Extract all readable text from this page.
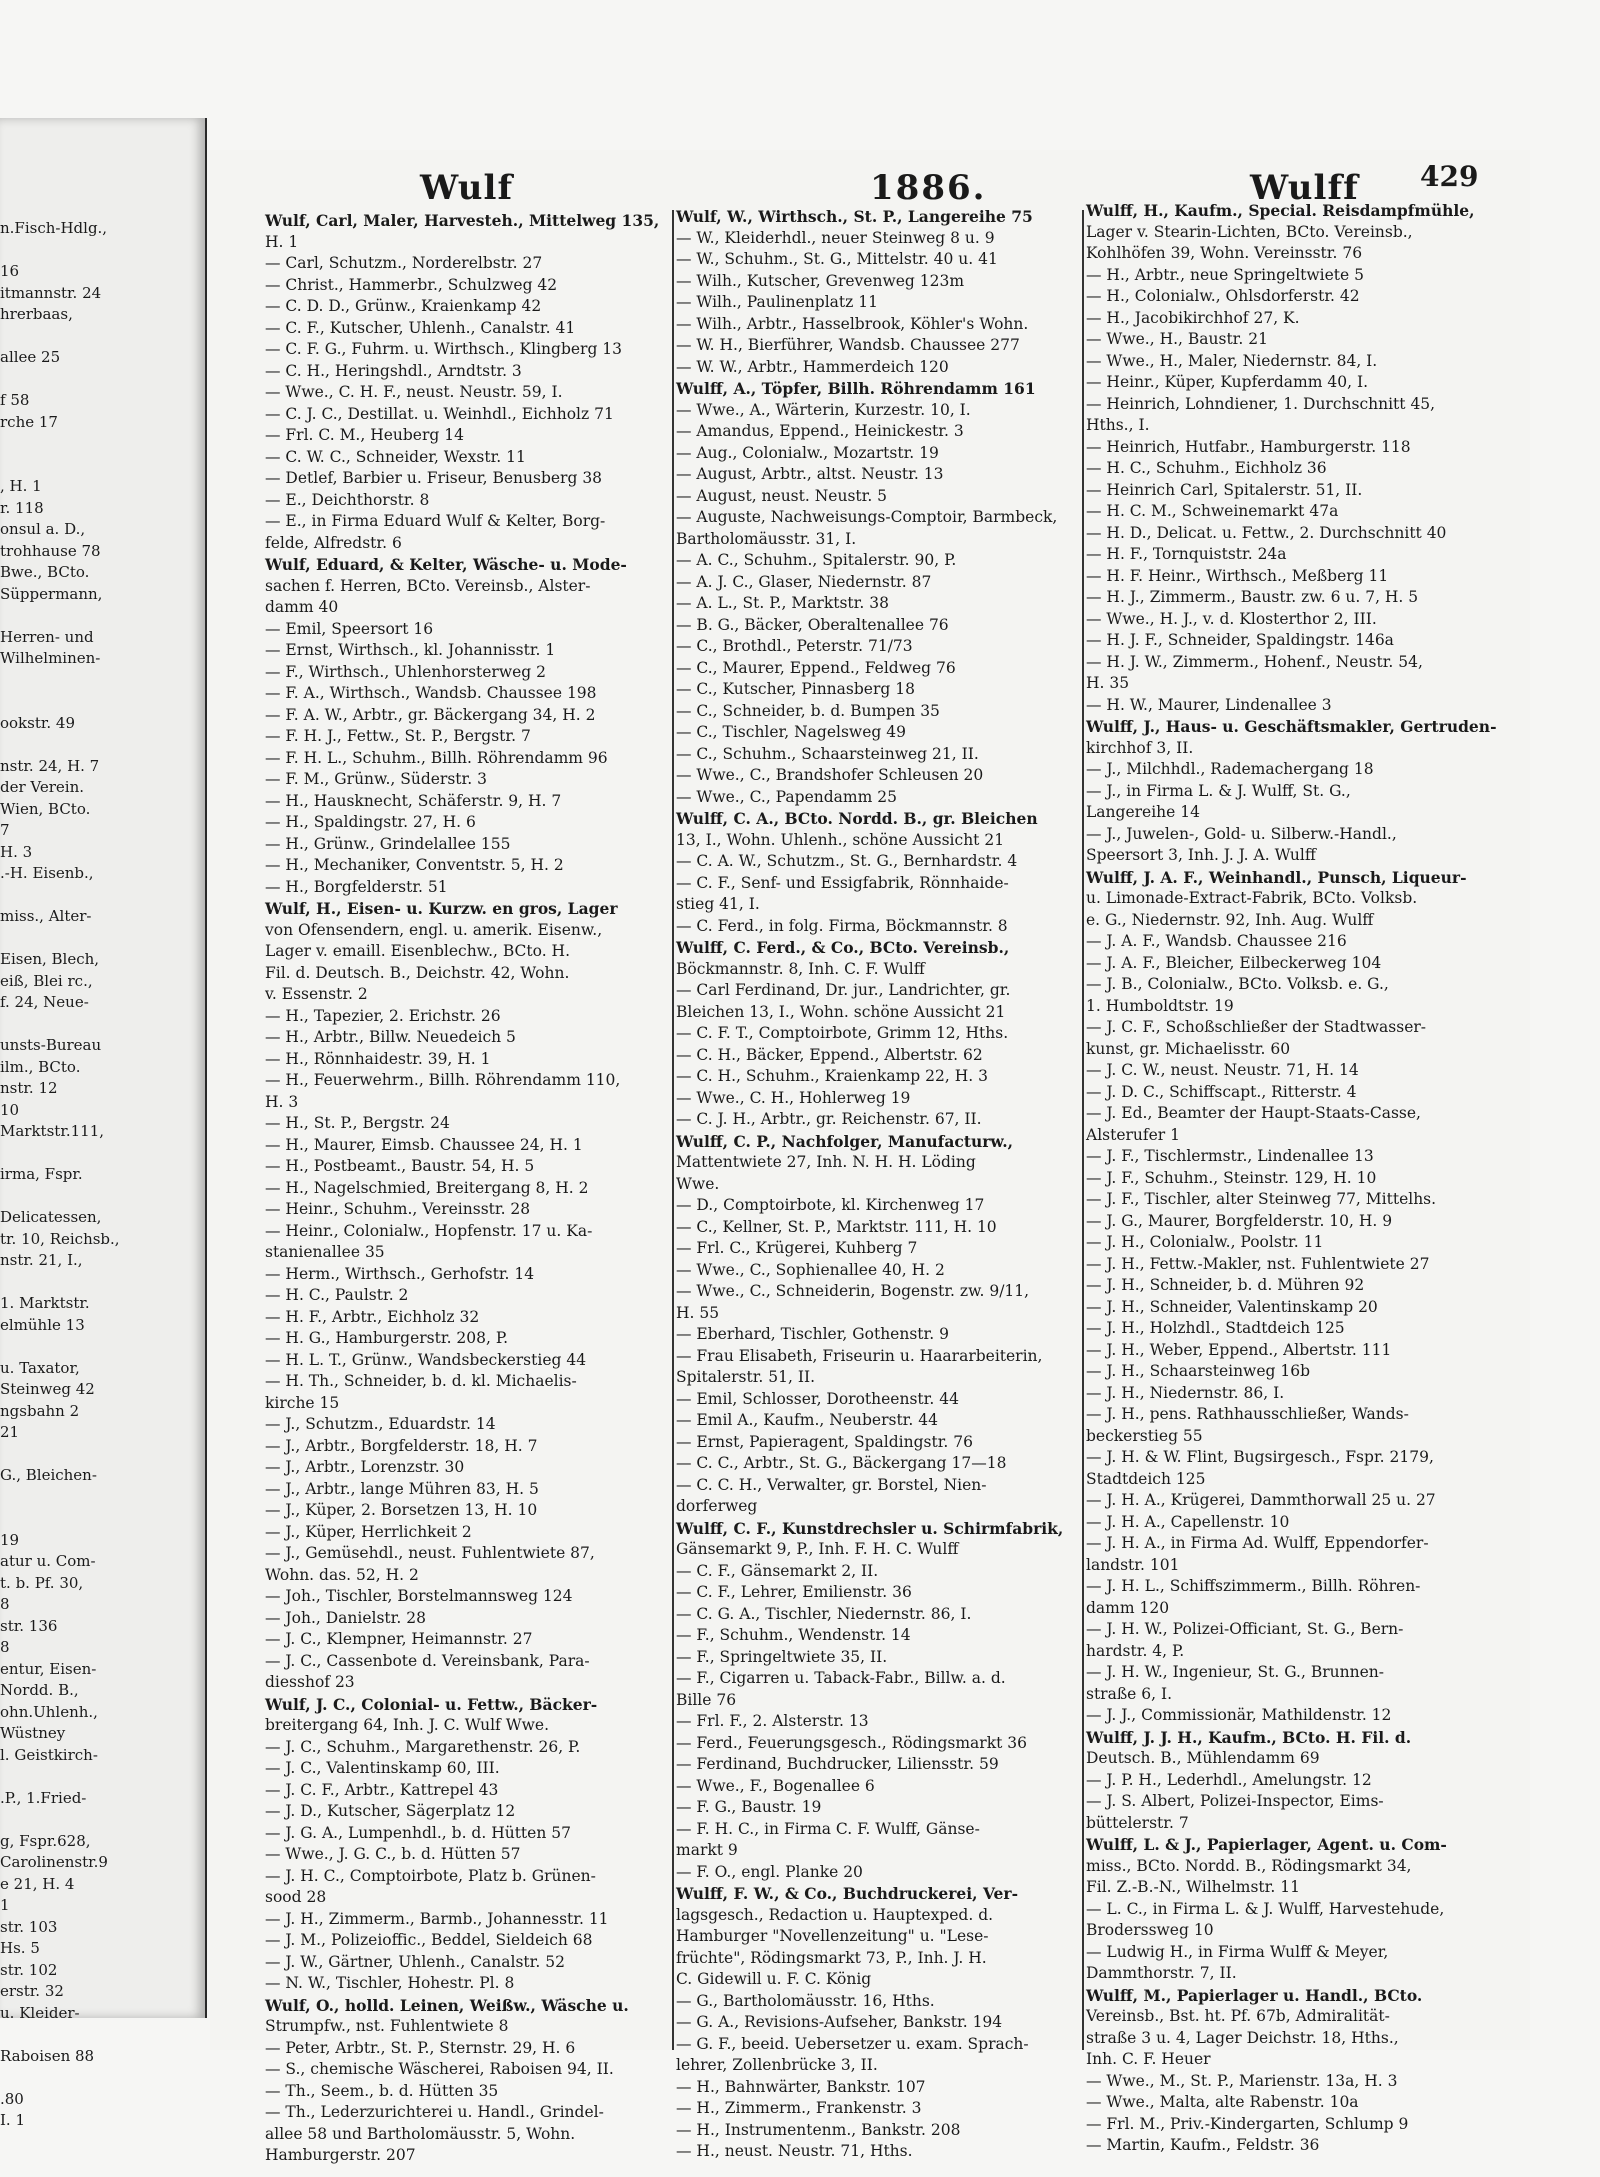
Wulf	1886.	Wulff 429

n.Fisch-Hdlg.,

16

itmannstr. 24

hrerbaas,

allee 25

f 58

rche 17

, H. 1

r. 118

onsul a. D.,

trohhause 78

Bwe., BCto.

Süppermann,

Herren- und

Wilhelminen-

ookstr. 49

nstr. 24, H. 7

der Verein.

Wien, BCto.

7

H. 3

.-H. Eisenb.,

miss., Alter-

Eisen, Blech,

eiß, Blei rc.,

f. 24, Neue-

unsts-Bureau

ilm., BCto.

nstr. 12

10

Marktstr.111,

irma, Fspr.

Delicatessen,

tr. 10, Reichsb.,

nstr. 21, I.,

1. Marktstr.

elmühle 13

u. Taxator,

Steinweg 42

ngsbahn 2

21

G., Bleichen-

19

atur u. Com-

t. b. Pf. 30,

8

str. 136

8

entur, Eisen-

Nordd. B.,

ohn.Uhlenh.,

Wüstney

l. Geistkirch-

.P., 1.Fried-

g, Fspr.628,

Carolinenstr.9

e 21, H. 4

1

str. 103

Hs. 5

str. 102

erstr. 32

u. Kleider-

Raboisen 88

.80

I. 1

Wulf, Carl, Maler, Harvesteh., Mittelweg 135,

H. 1

— Carl, Schutzm., Norderelbstr. 27

— Christ., Hammerbr., Schulzweg 42

— C. D. D., Grünw., Kraienkamp 42

— C. F., Kutscher, Uhlenh., Canalstr. 41

— C. F. G., Fuhrm. u. Wirthsch., Klingberg 13

— C. H., Heringshdl., Arndtstr. 3

— Wwe., C. H. F., neust. Neustr. 59, I.

— C. J. C., Destillat. u. Weinhdl., Eichholz 71

— Frl. C. M., Heuberg 14

— C. W. C., Schneider, Wexstr. 11

— Detlef, Barbier u. Friseur, Benusberg 38

— E., Deichthorstr. 8

— E., in Firma Eduard Wulf & Kelter, Borg-

felde, Alfredstr. 6

Wulf, Eduard, & Kelter, Wäsche- u. Mode-

sachen f. Herren, BCto. Vereinsb., Alster-

damm 40

— Emil, Speersort 16

— Ernst, Wirthsch., kl. Johannisstr. 1

— F., Wirthsch., Uhlenhorsterweg 2

— F. A., Wirthsch., Wandsb. Chaussee 198

— F. A. W., Arbtr., gr. Bäckergang 34, H. 2

— F. H. J., Fettw., St. P., Bergstr. 7

— F. H. L., Schuhm., Billh. Röhrendamm 96

— F. M., Grünw., Süderstr. 3

— H., Hausknecht, Schäferstr. 9, H. 7

— H., Spaldingstr. 27, H. 6

— H., Grünw., Grindelallee 155

— H., Mechaniker, Conventstr. 5, H. 2

— H., Borgfelderstr. 51

Wulf, H., Eisen- u. Kurzw. en gros, Lager

von Ofensendern, engl. u. amerik. Eisenw.,

Lager v. emaill. Eisenblechw., BCto. H.

Fil. d. Deutsch. B., Deichstr. 42, Wohn.

v. Essenstr. 2

— H., Tapezier, 2. Erichstr. 26

— H., Arbtr., Billw. Neuedeich 5

— H., Rönnhaidestr. 39, H. 1

— H., Feuerwehrm., Billh. Röhrendamm 110,

H. 3

— H., St. P., Bergstr. 24

— H., Maurer, Eimsb. Chaussee 24, H. 1

— H., Postbeamt., Baustr. 54, H. 5

— H., Nagelschmied, Breitergang 8, H. 2

— Heinr., Schuhm., Vereinsstr. 28

— Heinr., Colonialw., Hopfenstr. 17 u. Ka-

stanienallee 35

— Herm., Wirthsch., Gerhofstr. 14

— H. C., Paulstr. 2

— H. F., Arbtr., Eichholz 32

— H. G., Hamburgerstr. 208, P.

— H. L. T., Grünw., Wandsbeckerstieg 44

— H. Th., Schneider, b. d. kl. Michaelis-

kirche 15

— J., Schutzm., Eduardstr. 14

— J., Arbtr., Borgfelderstr. 18, H. 7

— J., Arbtr., Lorenzstr. 30

— J., Arbtr., lange Mühren 83, H. 5

— J., Küper, 2. Borsetzen 13, H. 10

— J., Küper, Herrlichkeit 2

— J., Gemüsehdl., neust. Fuhlentwiete 87,

Wohn. das. 52, H. 2

— Joh., Tischler, Borstelmannsweg 124

— Joh., Danielstr. 28

— J. C., Klempner, Heimannstr. 27

— J. C., Cassenbote d. Vereinsbank, Para-

diesshof 23

Wulf, J. C., Colonial- u. Fettw., Bäcker-

breitergang 64, Inh. J. C. Wulf Wwe.

— J. C., Schuhm., Margarethenstr. 26, P.

— J. C., Valentinskamp 60, III.

— J. C. F., Arbtr., Kattrepel 43

— J. D., Kutscher, Sägerplatz 12

— J. G. A., Lumpenhdl., b. d. Hütten 57

— Wwe., J. G. C., b. d. Hütten 57

— J. H. C., Comptoirbote, Platz b. Grünen-

sood 28

— J. H., Zimmerm., Barmb., Johannesstr. 11

— J. M., Polizeioffic., Beddel, Sieldeich 68

— J. W., Gärtner, Uhlenh., Canalstr. 52

— N. W., Tischler, Hohestr. Pl. 8

Wulf, O., holld. Leinen, Weißw., Wäsche u.

Strumpfw., nst. Fuhlentwiete 8

— Peter, Arbtr., St. P., Sternstr. 29, H. 6

— S., chemische Wäscherei, Raboisen 94, II.

— Th., Seem., b. d. Hütten 35

— Th., Lederzurichterei u. Handl., Grindel-

allee 58 und Bartholomäusstr. 5, Wohn.

Hamburgerstr. 207

Wulf, W., Wirthsch., St. P., Langereihe 75

— W., Kleiderhdl., neuer Steinweg 8 u. 9

— W., Schuhm., St. G., Mittelstr. 40 u. 41

— Wilh., Kutscher, Grevenweg 123m

— Wilh., Paulinenplatz 11

— Wilh., Arbtr., Hasselbrook, Köhler's Wohn.

— W. H., Bierführer, Wandsb. Chaussee 277

— W. W., Arbtr., Hammerdeich 120

Wulff, A., Töpfer, Billh. Röhrendamm 161

— Wwe., A., Wärterin, Kurzestr. 10, I.

— Amandus, Eppend., Heinickestr. 3

— Aug., Colonialw., Mozartstr. 19

— August, Arbtr., altst. Neustr. 13

— August, neust. Neustr. 5

— Auguste, Nachweisungs-Comptoir, Barmbeck,

Bartholomäusstr. 31, I.

— A. C., Schuhm., Spitalerstr. 90, P.

— A. J. C., Glaser, Niedernstr. 87

— A. L., St. P., Marktstr. 38

— B. G., Bäcker, Oberaltenallee 76

— C., Brothdl., Peterstr. 71/73

— C., Maurer, Eppend., Feldweg 76

— C., Kutscher, Pinnasberg 18

— C., Schneider, b. d. Bumpen 35

— C., Tischler, Nagelsweg 49

— C., Schuhm., Schaarsteinweg 21, II.

— Wwe., C., Brandshofer Schleusen 20

— Wwe., C., Papendamm 25

Wulff, C. A., BCto. Nordd. B., gr. Bleichen

13, I., Wohn. Uhlenh., schöne Aussicht 21

— C. A. W., Schutzm., St. G., Bernhardstr. 4

— C. F., Senf- und Essigfabrik, Rönnhaide-

stieg 41, I.

— C. Ferd., in folg. Firma, Böckmannstr. 8

Wulff, C. Ferd., & Co., BCto. Vereinsb.,

Böckmannstr. 8, Inh. C. F. Wulff

— Carl Ferdinand, Dr. jur., Landrichter, gr.

Bleichen 13, I., Wohn. schöne Aussicht 21

— C. F. T., Comptoirbote, Grimm 12, Hths.

— C. H., Bäcker, Eppend., Albertstr. 62

— C. H., Schuhm., Kraienkamp 22, H. 3

— Wwe., C. H., Hohlerweg 19

— C. J. H., Arbtr., gr. Reichenstr. 67, II.

Wulff, C. P., Nachfolger, Manufacturw.,

Mattentwiete 27, Inh. N. H. H. Löding

Wwe.

— D., Comptoirbote, kl. Kirchenweg 17

— C., Kellner, St. P., Marktstr. 111, H. 10

— Frl. C., Krügerei, Kuhberg 7

— Wwe., C., Sophienallee 40, H. 2

— Wwe., C., Schneiderin, Bogenstr. zw. 9/11,

H. 55

— Eberhard, Tischler, Gothenstr. 9

— Frau Elisabeth, Friseurin u. Haararbeiterin,

Spitalerstr. 51, II.

— Emil, Schlosser, Dorotheenstr. 44

— Emil A., Kaufm., Neuberstr. 44

— Ernst, Papieragent, Spaldingstr. 76

— C. C., Arbtr., St. G., Bäckergang 17—18

— C. C. H., Verwalter, gr. Borstel, Nien-

dorferweg

Wulff, C. F., Kunstdrechsler u. Schirmfabrik,

Gänsemarkt 9, P., Inh. F. H. C. Wulff

— C. F., Gänsemarkt 2, II.

— C. F., Lehrer, Emilienstr. 36

— C. G. A., Tischler, Niedernstr. 86, I.

— F., Schuhm., Wendenstr. 14

— F., Springeltwiete 35, II.

— F., Cigarren u. Taback-Fabr., Billw. a. d.

Bille 76

— Frl. F., 2. Alsterstr. 13

— Ferd., Feuerungsgesch., Rödingsmarkt 36

— Ferdinand, Buchdrucker, Liliensstr. 59

— Wwe., F., Bogenallee 6

— F. G., Baustr. 19

— F. H. C., in Firma C. F. Wulff, Gänse-

markt 9

— F. O., engl. Planke 20

Wulff, F. W., & Co., Buchdruckerei, Ver-

lagsgesch., Redaction u. Hauptexped. d.

Hamburger "Novellenzeitung" u. "Lese-

früchte", Rödingsmarkt 73, P., Inh. J. H.

C. Gidewill u. F. C. König

— G., Bartholomäusstr. 16, Hths.

— G. A., Revisions-Aufseher, Bankstr. 194

— G. F., beeid. Uebersetzer u. exam. Sprach-

lehrer, Zollenbrücke 3, II.

— H., Bahnwärter, Bankstr. 107

— H., Zimmerm., Frankenstr. 3

— H., Instrumentenm., Bankstr. 208

— H., neust. Neustr. 71, Hths.

Wulff, H., Kaufm., Special. Reisdampfmühle,

Lager v. Stearin-Lichten, BCto. Vereinsb.,

Kohlhöfen 39, Wohn. Vereinsstr. 76

— H., Arbtr., neue Springeltwiete 5

— H., Colonialw., Ohlsdorferstr. 42

— H., Jacobikirchhof 27, K.

— Wwe., H., Baustr. 21

— Wwe., H., Maler, Niedernstr. 84, I.

— Heinr., Küper, Kupferdamm 40, I.

— Heinrich, Lohndiener, 1. Durchschnitt 45,

Hths., I.

— Heinrich, Hutfabr., Hamburgerstr. 118

— H. C., Schuhm., Eichholz 36

— Heinrich Carl, Spitalerstr. 51, II.

— H. C. M., Schweinemarkt 47a

— H. D., Delicat. u. Fettw., 2. Durchschnitt 40

— H. F., Tornquiststr. 24a

— H. F. Heinr., Wirthsch., Meßberg 11

— H. J., Zimmerm., Baustr. zw. 6 u. 7, H. 5

— Wwe., H. J., v. d. Klosterthor 2, III.

— H. J. F., Schneider, Spaldingstr. 146a

— H. J. W., Zimmerm., Hohenf., Neustr. 54,

H. 35

— H. W., Maurer, Lindenallee 3

Wulff, J., Haus- u. Geschäftsmakler, Gertruden-

kirchhof 3, II.

— J., Milchhdl., Rademachergang 18

— J., in Firma L. & J. Wulff, St. G.,

Langereihe 14

— J., Juwelen-, Gold- u. Silberw.-Handl.,

Speersort 3, Inh. J. J. A. Wulff

Wulff, J. A. F., Weinhandl., Punsch, Liqueur-

u. Limonade-Extract-Fabrik, BCto. Volksb.

e. G., Niedernstr. 92, Inh. Aug. Wulff

— J. A. F., Wandsb. Chaussee 216

— J. A. F., Bleicher, Eilbeckerweg 104

— J. B., Colonialw., BCto. Volksb. e. G.,

1. Humboldtstr. 19

— J. C. F., Schoßschließer der Stadtwasser-

kunst, gr. Michaelisstr. 60

— J. C. W., neust. Neustr. 71, H. 14

— J. D. C., Schiffscapt., Ritterstr. 4

— J. Ed., Beamter der Haupt-Staats-Casse,

Alsterufer 1

— J. F., Tischlermstr., Lindenallee 13

— J. F., Schuhm., Steinstr. 129, H. 10

— J. F., Tischler, alter Steinweg 77, Mittelhs.

— J. G., Maurer, Borgfelderstr. 10, H. 9

— J. H., Colonialw., Poolstr. 11

— J. H., Fettw.-Makler, nst. Fuhlentwiete 27

— J. H., Schneider, b. d. Mühren 92

— J. H., Schneider, Valentinskamp 20

— J. H., Holzhdl., Stadtdeich 125

— J. H., Weber, Eppend., Albertstr. 111

— J. H., Schaarsteinweg 16b

— J. H., Niedernstr. 86, I.

— J. H., pens. Rathhausschließer, Wands-

beckerstieg 55

— J. H. & W. Flint, Bugsirgesch., Fspr. 2179,

Stadtdeich 125

— J. H. A., Krügerei, Dammthorwall 25 u. 27

— J. H. A., Capellenstr. 10

— J. H. A., in Firma Ad. Wulff, Eppendorfer-

landstr. 101

— J. H. L., Schiffszimmerm., Billh. Röhren-

damm 120

— J. H. W., Polizei-Officiant, St. G., Bern-

hardstr. 4, P.

— J. H. W., Ingenieur, St. G., Brunnen-

straße 6, I.

— J. J., Commissionär, Mathildenstr. 12

Wulff, J. J. H., Kaufm., BCto. H. Fil. d.

Deutsch. B., Mühlendamm 69

— J. P. H., Lederhdl., Amelungstr. 12

— J. S. Albert, Polizei-Inspector, Eims-

büttelerstr. 7

Wulff, L. & J., Papierlager, Agent. u. Com-

miss., BCto. Nordd. B., Rödingsmarkt 34,

Fil. Z.-B.-N., Wilhelmstr. 11

— L. C., in Firma L. & J. Wulff, Harvestehude,

Broderssweg 10

— Ludwig H., in Firma Wulff & Meyer,

Dammthorstr. 7, II.

Wulff, M., Papierlager u. Handl., BCto.

Vereinsb., Bst. ht. Pf. 67b, Admiralität-

straße 3 u. 4, Lager Deichstr. 18, Hths.,

Inh. C. F. Heuer

— Wwe., M., St. P., Marienstr. 13a, H. 3

— Wwe., Malta, alte Rabenstr. 10a

— Frl. M., Priv.-Kindergarten, Schlump 9

— Martin, Kaufm., Feldstr. 36
